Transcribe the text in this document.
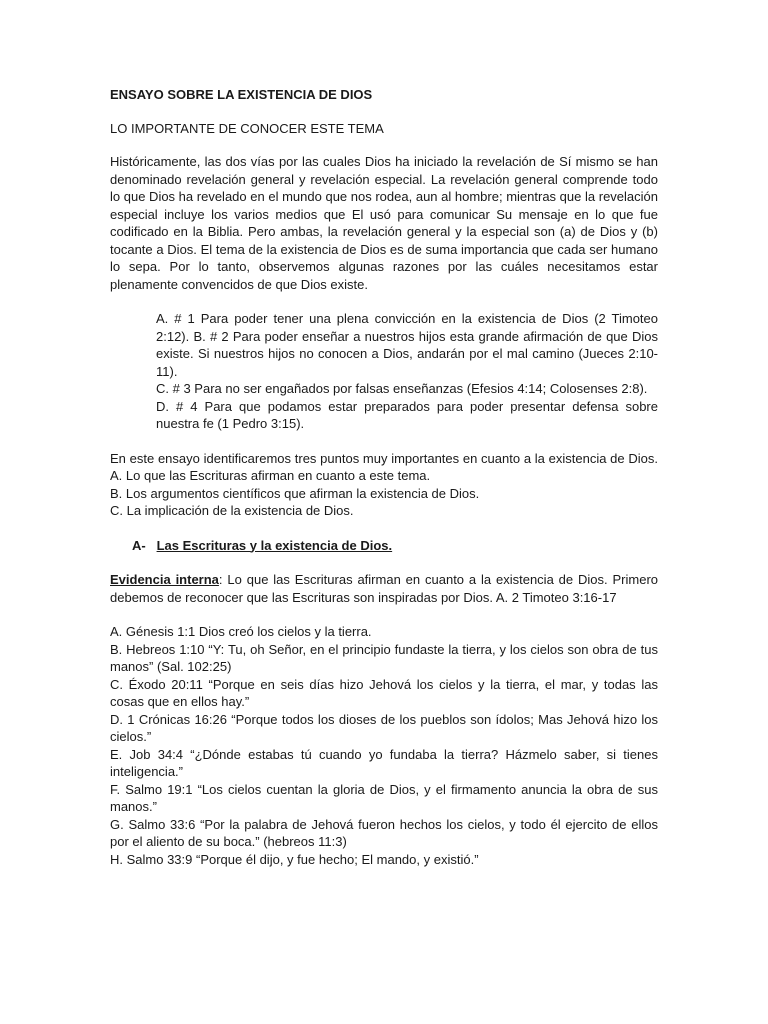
ENSAYO SOBRE LA EXISTENCIA DE DIOS

LO IMPORTANTE DE CONOCER ESTE TEMA

Históricamente, las dos vías por las cuales Dios ha iniciado la revelación de Sí mismo se han denominado revelación general y revelación especial. La revelación general comprende todo lo que Dios ha revelado en el mundo que nos rodea, aun al hombre; mientras que la revelación especial incluye los varios medios que El usó para comunicar Su mensaje en lo que fue codificado en la Biblia. Pero ambas, la revelación general y la especial son (a) de Dios y (b) tocante a Dios. El tema de la existencia de Dios es de suma importancia que cada ser humano lo sepa. Por lo tanto, observemos algunas razones por las cuáles necesitamos estar plenamente convencidos de que Dios existe.

A. # 1 Para poder tener una plena convicción en la existencia de Dios (2 Timoteo 2:12). B. # 2 Para poder enseñar a nuestros hijos esta grande afirmación de que Dios existe. Si nuestros hijos no conocen a Dios, andarán por el mal camino (Jueces 2:10-11).

C. # 3 Para no ser engañados por falsas enseñanzas (Efesios 4:14; Colosenses 2:8).

D. # 4 Para que podamos estar preparados para poder presentar defensa sobre nuestra fe (1 Pedro 3:15).

En este ensayo identificaremos tres puntos muy importantes en cuanto a la existencia de Dios. A. Lo que las Escrituras afirman en cuanto a este tema.

B. Los argumentos científicos que afirman la existencia de Dios.

C. La implicación de la existencia de Dios.

A- Las Escrituras y la existencia de Dios.

Evidencia interna: Lo que las Escrituras afirman en cuanto a la existencia de Dios. Primero debemos de reconocer que las Escrituras son inspiradas por Dios. A. 2 Timoteo 3:16-17

A. Génesis 1:1 Dios creó los cielos y la tierra.

B. Hebreos 1:10 “Y: Tu, oh Señor, en el principio fundaste la tierra, y los cielos son obra de tus manos” (Sal. 102:25)

C. Éxodo 20:11 “Porque en seis días hizo Jehová los cielos y la tierra, el mar, y todas las cosas que en ellos hay.”

D. 1 Crónicas 16:26 “Porque todos los dioses de los pueblos son ídolos; Mas Jehová hizo los cielos.”

E. Job 34:4 “¿Dónde estabas tú cuando yo fundaba la tierra? Házmelo saber, si tienes inteligencia.”

F. Salmo 19:1 “Los cielos cuentan la gloria de Dios, y el firmamento anuncia la obra de sus manos.”

G. Salmo 33:6 “Por la palabra de Jehová fueron hechos los cielos, y todo él ejercito de ellos por el aliento de su boca.” (hebreos 11:3)

H. Salmo 33:9 “Porque él dijo, y fue hecho; El mando, y existió.”
